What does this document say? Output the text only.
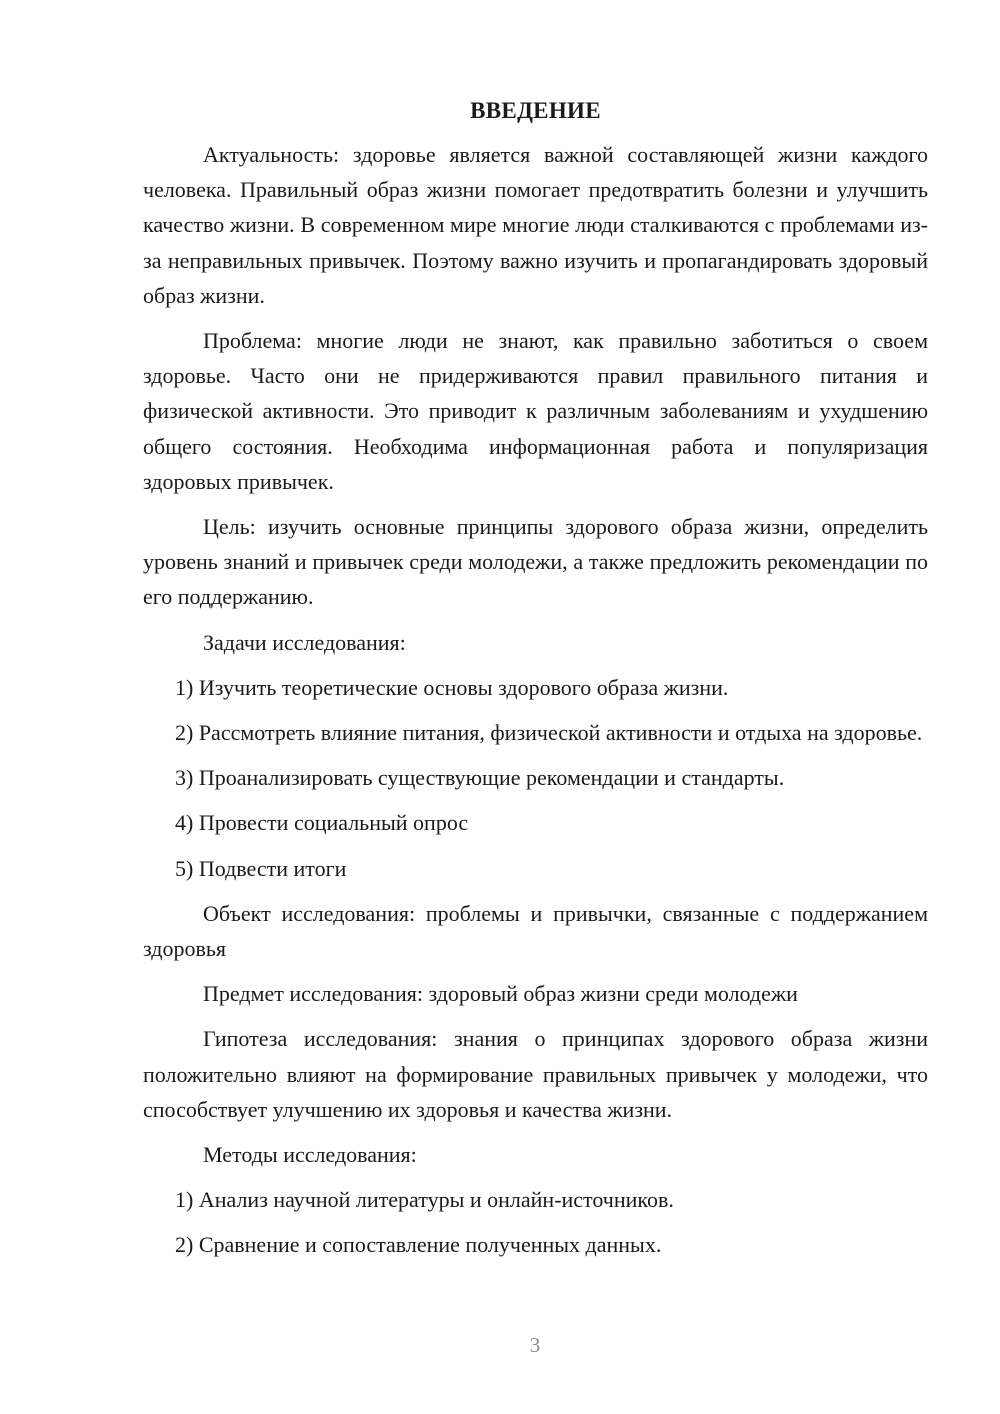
ВВЕДЕНИЕ

Актуальность: здоровье является важной составляющей жизни каждого человека. Правильный образ жизни помогает предотвратить болезни и улучшить качество жизни. В современном мире многие люди сталкиваются с проблемами из-за неправильных привычек. Поэтому важно изучить и пропагандировать здоровый образ жизни.

Проблема: многие люди не знают, как правильно заботиться о своем здоровье. Часто они не придерживаются правил правильного питания и физической активности. Это приводит к различным заболеваниям и ухудшению общего состояния. Необходима информационная работа и популяризация здоровых привычек.

Цель: изучить основные принципы здорового образа жизни, определить уровень знаний и привычек среди молодежи, а также предложить рекомендации по его поддержанию.

Задачи исследования:

1) Изучить теоретические основы здорового образа жизни.

2) Рассмотреть влияние питания, физической активности и отдыха на здоровье.

3) Проанализировать существующие рекомендации и стандарты.

4) Провести социальный опрос

5) Подвести итоги

Объект исследования: проблемы и привычки, связанные с поддержанием здоровья

Предмет исследования: здоровый образ жизни среди молодежи

Гипотеза исследования: знания о принципах здорового образа жизни положительно влияют на формирование правильных привычек у молодежи, что способствует улучшению их здоровья и качества жизни.

Методы исследования:

1) Анализ научной литературы и онлайн-источников.

2) Сравнение и сопоставление полученных данных.

3
